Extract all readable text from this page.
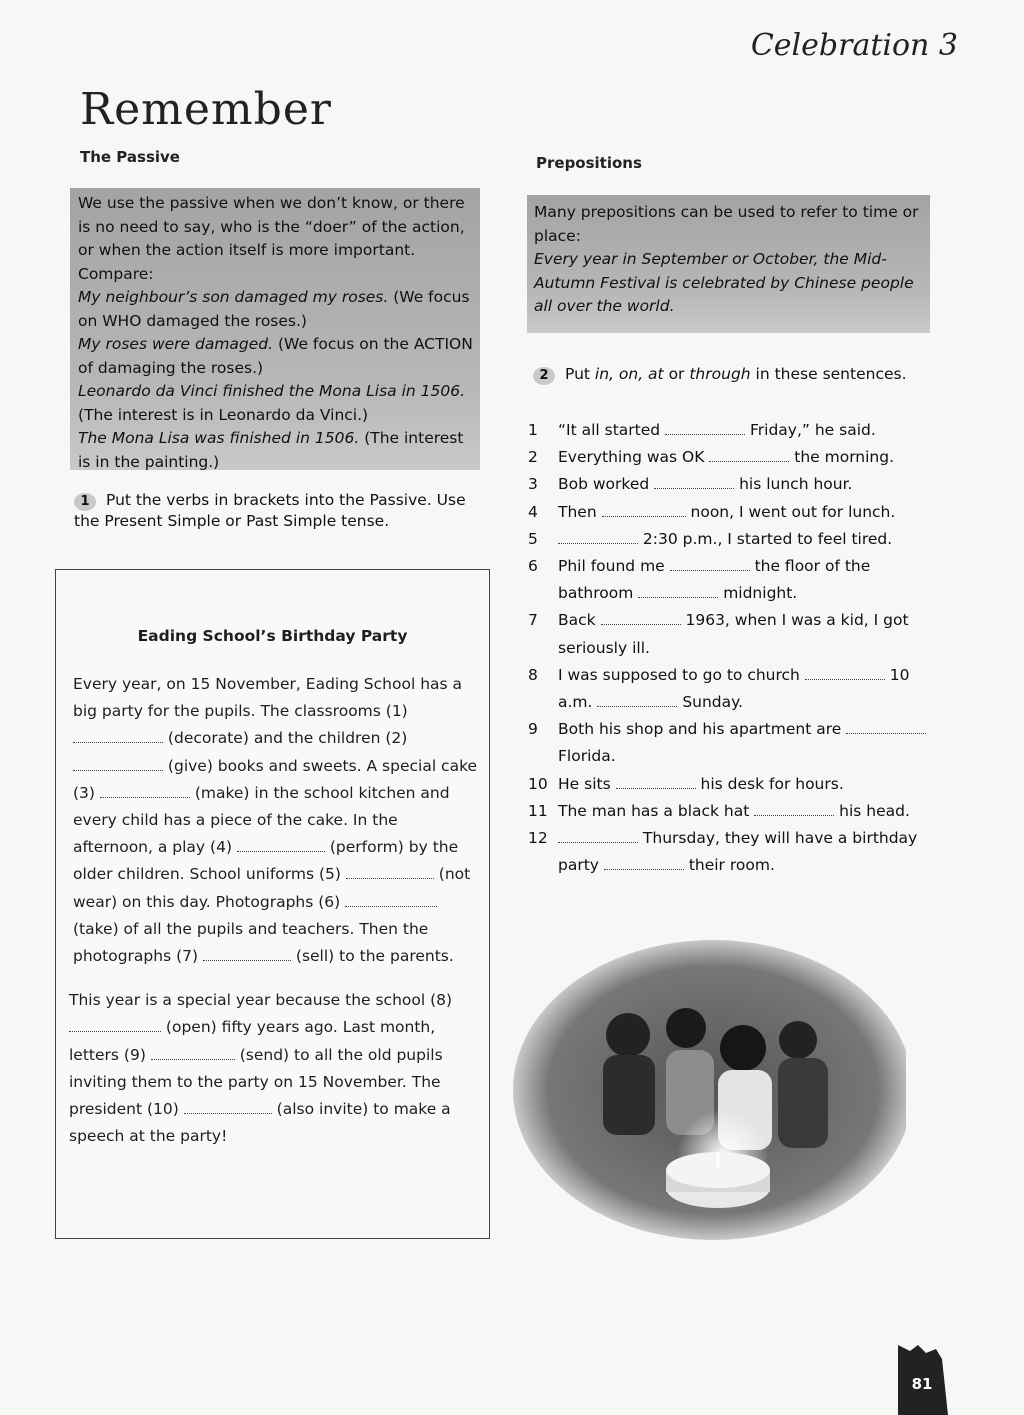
Celebration 3
Remember
The Passive

We use the passive when we don’t know, or there is no need to say, who is the “doer” of the action, or when the action itself is more important. Compare:

My neighbour’s son damaged my roses. (We focus on WHO damaged the roses.)

My roses were damaged. (We focus on the ACTION of damaging the roses.)

Leonardo da Vinci finished the Mona Lisa in 1506. (The interest is in Leonardo da Vinci.)

The Mona Lisa was finished in 1506. (The interest is in the painting.)

1 Put the verbs in brackets into the Passive. Use the Present Simple or Past Simple tense.
Eading School’s Birthday Party

Every year, on 15 November, Eading School has a big party for the pupils. The classrooms (1)  (decorate) and the children (2)  (give) books and sweets. A special cake (3)	(make) in the school kitchen and every child has a piece of the cake. In the afternoon, a play (4)	(perform) by the older children. School uniforms (5)	(not wear) on this day. Photographs (6)  (take) of all the pupils and teachers. Then the photographs (7)	(sell) to the parents.

This year is a special year because the school (8)  (open) fifty years ago. Last month, letters (9)	(send) to all the old pupils inviting them to the party on 15 November. The president (10)	(also invite) to make a speech at the party!

Prepositions

Many prepositions can be used to refer to time or place:

Every year in September or October, the Mid-Autumn Festival is celebrated by Chinese people all over the world.

2 Put in, on, at or through in these sentences.
1	“It all started	Friday,” he said.
2	Everything was OK	the morning.
3	Bob worked	his lunch hour.
4	Then	noon, I went out for lunch.
5	2:30 p.m., I started to feel tired.
6	Phil found me	the floor of the bathroom	midnight.
7	Back	1963, when I was a kid, I got seriously ill.
8	I was supposed to go to church	10 a.m.	Sunday.
9	Both his shop and his apartment are  Florida.
10 He sits	his desk for hours.
11 The man has a black hat	his head.
12	Thursday, they will have a birthday party	their room.
81
